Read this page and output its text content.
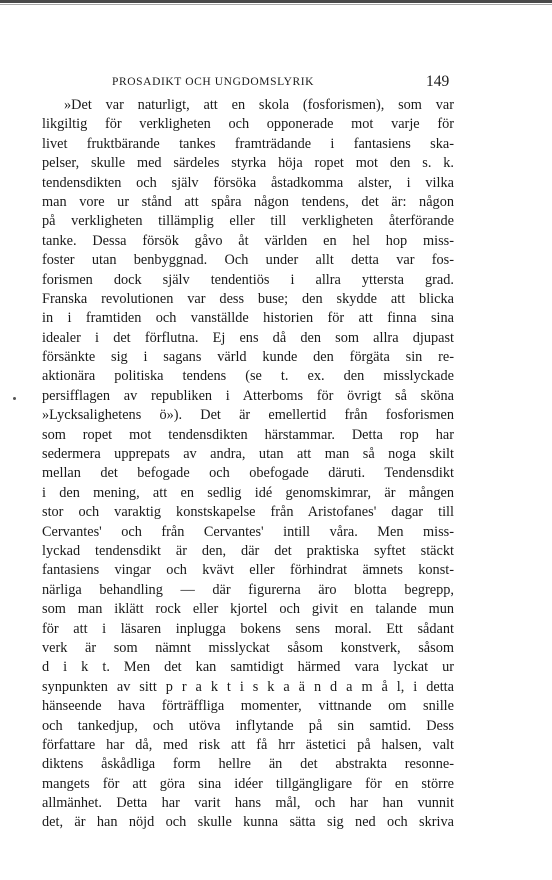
PROSADIKT OCH UNGDOMSLYRIK	149
»Det var naturligt, att en skola (fosforismen), som var
likgiltig för verkligheten och opponerade mot varje för
livet fruktbärande tankes framträdande i fantasiens ska-
pelser, skulle med särdeles styrka höja ropet mot den s. k.
tendensdikten och själv försöka åstadkomma alster, i vilka
man vore ur stånd att spåra någon tendens, det är: någon
på verkligheten tillämplig eller till verkligheten återförande
tanke. Dessa försök gåvo åt världen en hel hop miss-
foster utan benbyggnad. Och under allt detta var fos-
forismen dock själv tendentiös i allra yttersta grad.
Franska revolutionen var dess buse; den skydde att blicka
in i framtiden och vanställde historien för att finna sina
idealer i det förflutna. Ej ens då den som allra djupast
försänkte sig i sagans värld kunde den förgäta sin re-
aktionära politiska tendens (se t. ex. den misslyckade
persifflagen av republiken i Atterboms för övrigt så sköna
»Lycksalighetens ö»). Det är emellertid från fosforismen
som ropet mot tendensdikten härstammar. Detta rop har
sedermera upprepats av andra, utan att man så noga skilt
mellan det befogade och obefogade däruti. Tendensdikt
i den mening, att en sedlig idé genomskimrar, är mången
stor och varaktig konstskapelse från Aristofanes' dagar till
Cervantes' och från Cervantes' intill våra. Men miss-
lyckad tendensdikt är den, där det praktiska syftet stäckt
fantasiens vingar och kvävt eller förhindrat ämnets konst-
närliga behandling — där figurerna äro blotta begrepp,
som man iklätt rock eller kjortel och givit en talande mun
för att i läsaren inplugga bokens sens moral. Ett sådant
verk är som nämnt misslyckat såsom konstverk, såsom
d i k t. Men det kan samtidigt härmed vara lyckat ur
synpunkten av sitt p r a k t i s k a ä n d a m å l, i detta
hänseende hava förträffliga momenter, vittnande om snille
och tankedjup, och utöva inflytande på sin samtid. Dess
författare har då, med risk att få hrr ästetici på halsen, valt
diktens åskådliga form hellre än det abstrakta resonne-
mangets för att göra sina idéer tillgängligare för en större
allmänhet. Detta har varit hans mål, och har han vunnit
det, är han nöjd och skulle kunna sätta sig ned och skriva
